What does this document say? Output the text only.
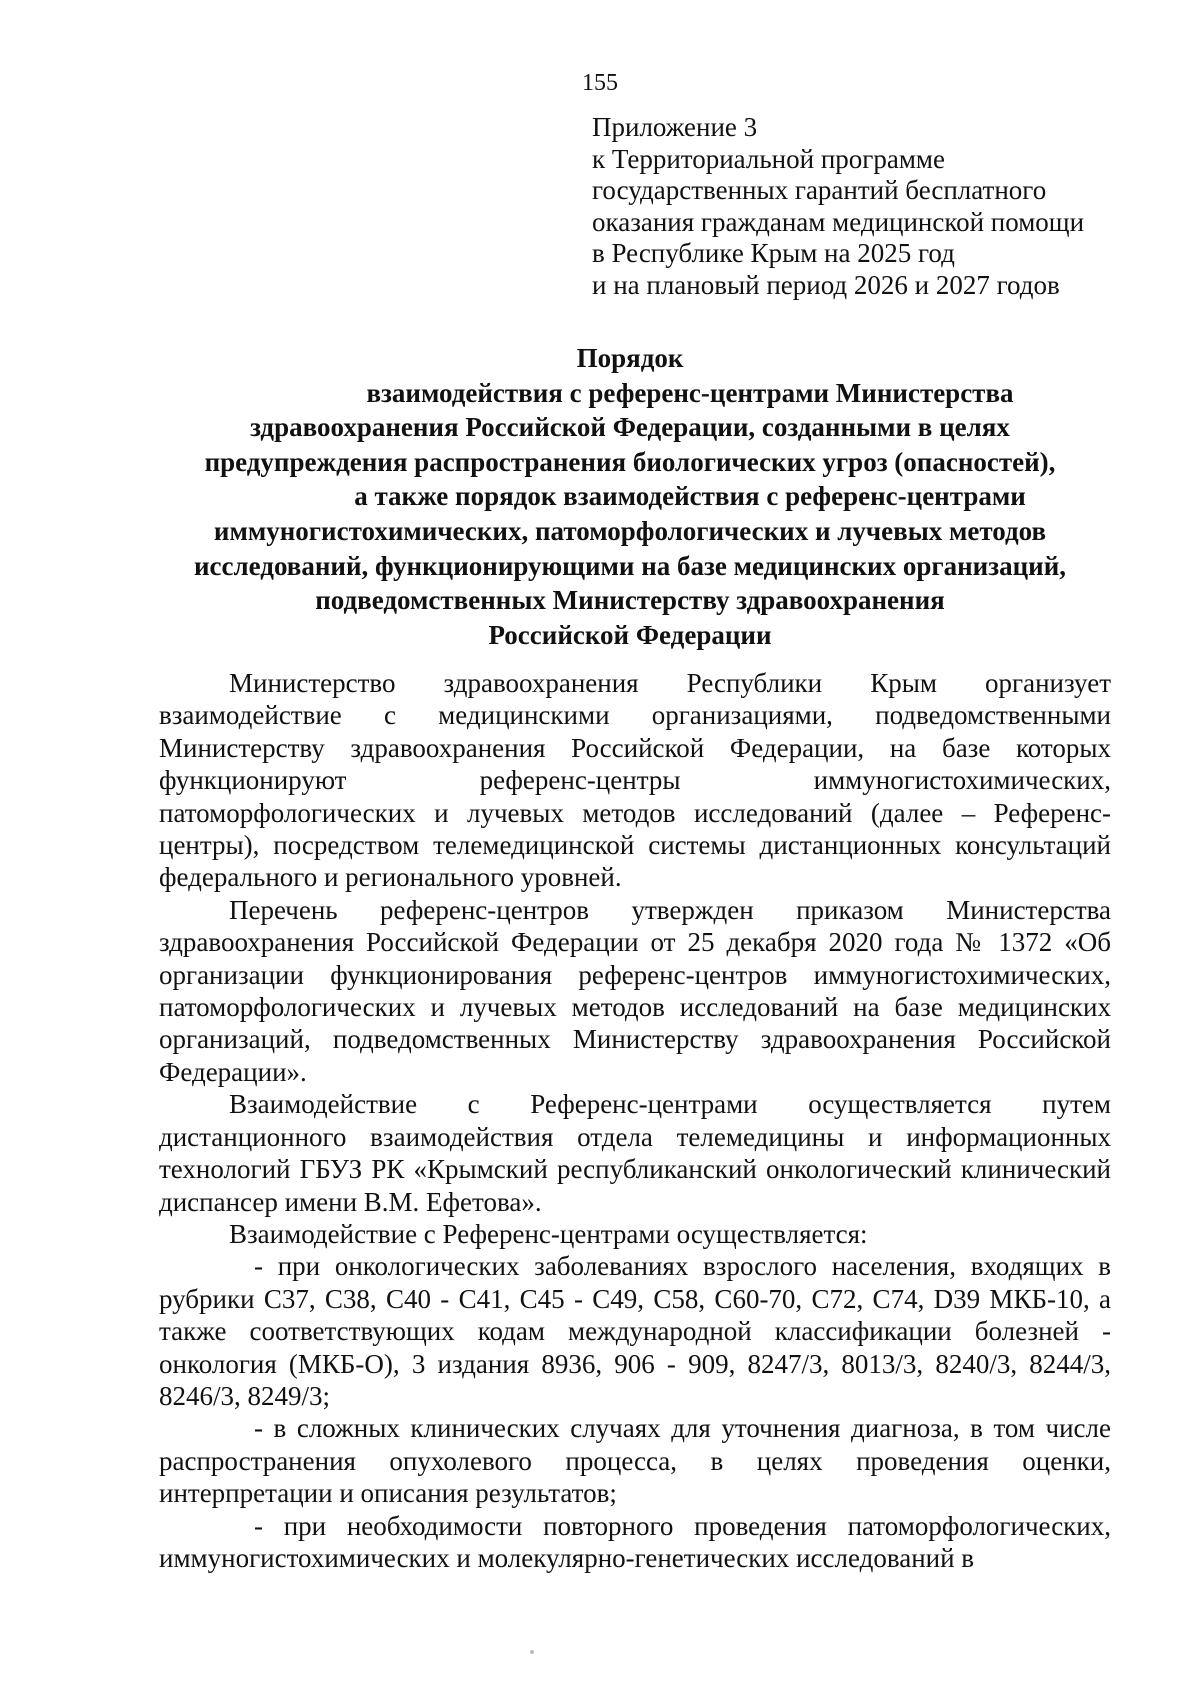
155
Приложение 3
к Территориальной программе
государственных гарантий бесплатного
оказания гражданам медицинской помощи
в Республике Крым на 2025 год
и на плановый период 2026 и 2027 годов
Порядок
взаимодействия с референс-центрами Министерства
здравоохранения Российской Федерации, созданными в целях
предупреждения распространения биологических угроз (опасностей),
а также порядок взаимодействия с референс-центрами
иммуногистохимических, патоморфологических и лучевых методов
исследований, функционирующими на базе медицинских организаций,
подведомственных Министерству здравоохранения
Российской Федерации

Министерство здравоохранения Республики Крым организует взаимодействие с медицинскими организациями, подведомственными Министерству здравоохранения Российской Федерации, на базе которых функционируют референс-центры иммуногистохимических, патоморфологических и лучевых методов исследований (далее – Референс-центры), посредством телемедицинской системы дистанционных консультаций федерального и регионального уровней.

Перечень референс-центров утвержден приказом Министерства здравоохранения Российской Федерации от 25 декабря 2020 года № 1372 «Об организации функционирования референс-центров иммуногистохимических, патоморфологических и лучевых методов исследований на базе медицинских организаций, подведомственных Министерству здравоохранения Российской Федерации».

Взаимодействие с Референс-центрами осуществляется путем дистанционного взаимодействия отдела телемедицины и информационных технологий ГБУЗ РК «Крымский республиканский онкологический клинический диспансер имени В.М. Ефетова».

Взаимодействие с Референс-центрами осуществляется:

- при онкологических заболеваниях взрослого населения, входящих в рубрики С37, С38, С40 - С41, С45 - С49, С58, С60-70, С72, С74, D39 МКБ-10, а также соответствующих кодам международной классификации болезней - онкология (МКБ-О), 3 издания 8936, 906 - 909, 8247/3, 8013/3, 8240/3, 8244/3, 8246/3, 8249/3;

- в сложных клинических случаях для уточнения диагноза, в том числе распространения опухолевого процесса, в целях проведения оценки, интерпретации и описания результатов;

- при необходимости повторного проведения патоморфологических, иммуногистохимических и молекулярно-генетических исследований в
